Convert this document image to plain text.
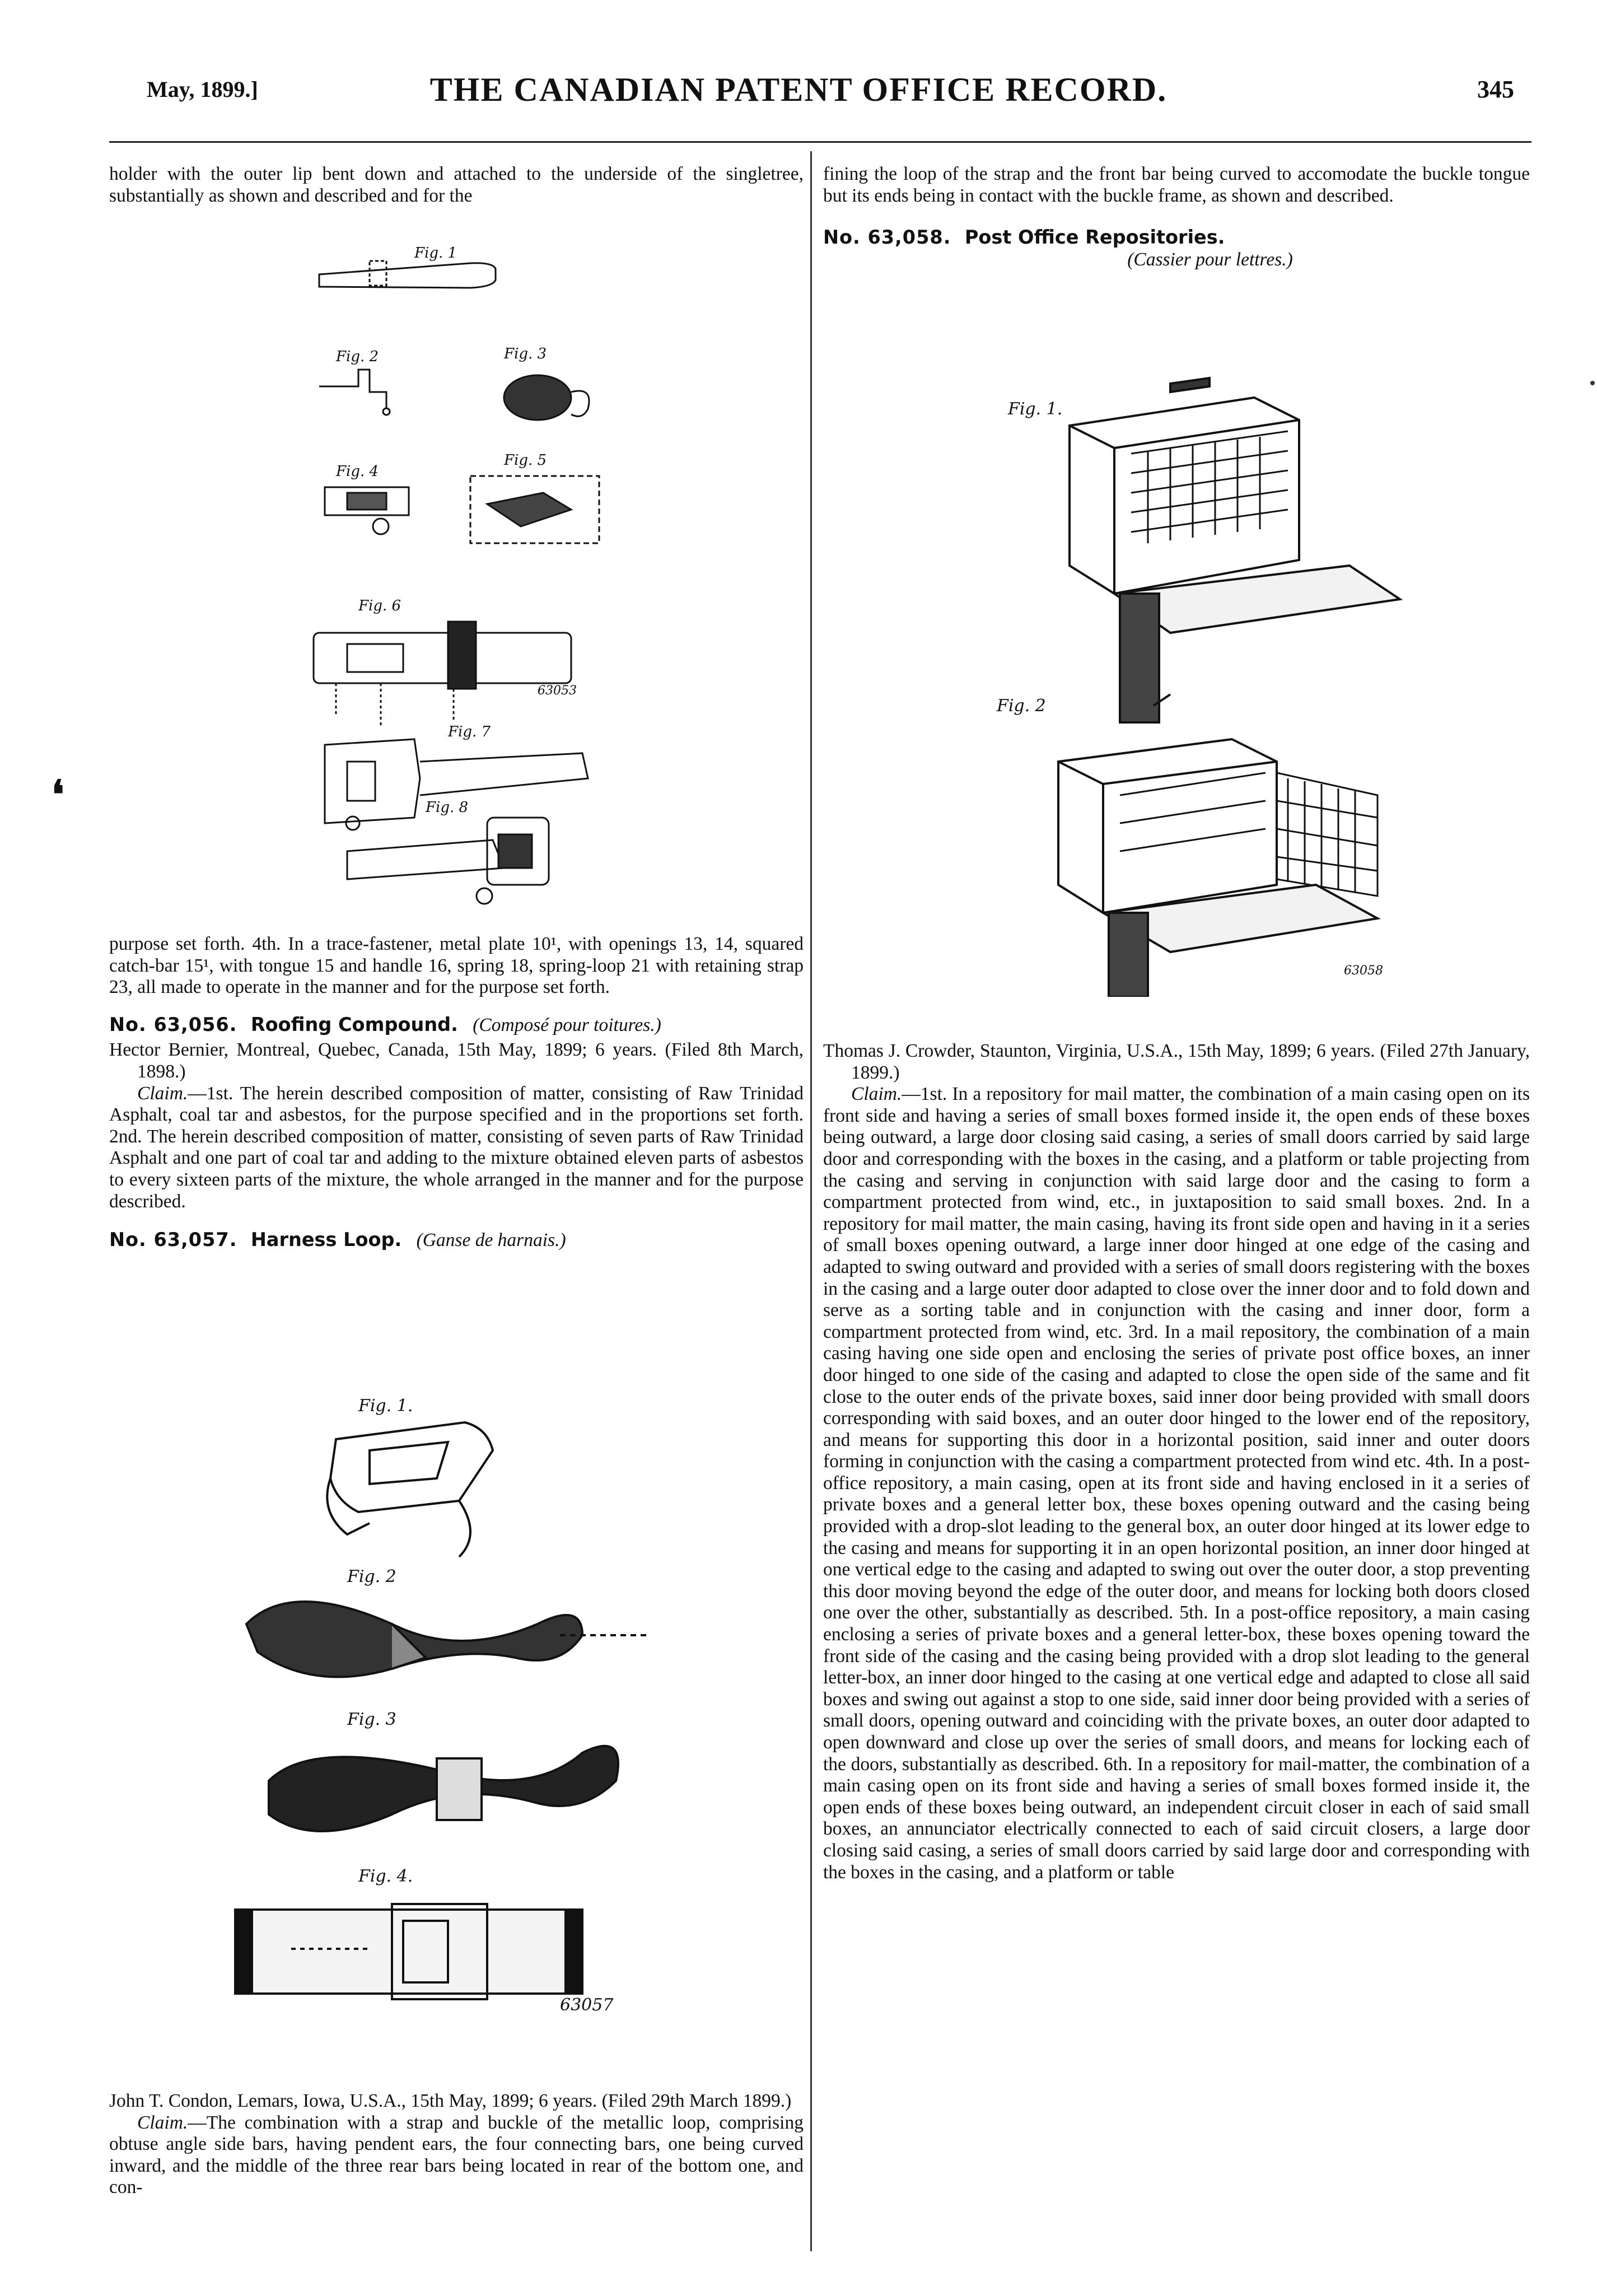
May, 1899.]	THE CANADIAN PATENT OFFICE RECORD.	345
❛

holder with the outer lip bent down and attached to the underside of the singletree, substantially as shown and described and for the

Fig. 1
Fig. 2	Fig. 3
Fig. 4
Fig. 5
Fig. 6
Fig. 7
Fig. 8
63053

purpose set forth. 4th. In a trace-fastener, metal plate 10¹, with openings 13, 14, squared catch-bar 15¹, with tongue 15 and handle 16, spring 18, spring-loop 21 with retaining strap 23, all made to operate in the manner and for the purpose set forth.

No. 63,056. Roofing Compound. (Composé pour toitures.)

Hector Bernier, Montreal, Quebec, Canada, 15th May, 1899; 6 years. (Filed 8th March, 1898.)

Claim.—1st. The herein described composition of matter, consisting of Raw Trinidad Asphalt, coal tar and asbestos, for the purpose specified and in the proportions set forth. 2nd. The herein described composition of matter, consisting of seven parts of Raw Trinidad Asphalt and one part of coal tar and adding to the mixture obtained eleven parts of asbestos to every sixteen parts of the mixture, the whole arranged in the manner and for the purpose described.

No. 63,057. Harness Loop. (Ganse de harnais.)

Fig. 1.
Fig. 2
Fig. 3
Fig. 4.
63057

John T. Condon, Lemars, Iowa, U.S.A., 15th May, 1899; 6 years. (Filed 29th March 1899.)

Claim.—The combination with a strap and buckle of the metallic loop, comprising obtuse angle side bars, having pendent ears, the four connecting bars, one being curved inward, and the middle of the three rear bars being located in rear of the bottom one, and con-

fining the loop of the strap and the front bar being curved to accomodate the buckle tongue but its ends being in contact with the buckle frame, as shown and described.

No. 63,058. Post Office Repositories.

(Cassier pour lettres.)

Fig. 1.
Fig. 2
63058

Thomas J. Crowder, Staunton, Virginia, U.S.A., 15th May, 1899; 6 years. (Filed 27th January, 1899.)

Claim.—1st. In a repository for mail matter, the combination of a main casing open on its front side and having a series of small boxes formed inside it, the open ends of these boxes being outward, a large door closing said casing, a series of small doors carried by said large door and corresponding with the boxes in the casing, and a platform or table projecting from the casing and serving in conjunction with said large door and the casing to form a compartment protected from wind, etc., in juxtaposition to said small boxes. 2nd. In a repository for mail matter, the main casing, having its front side open and having in it a series of small boxes opening outward, a large inner door hinged at one edge of the casing and adapted to swing outward and provided with a series of small doors registering with the boxes in the casing and a large outer door adapted to close over the inner door and to fold down and serve as a sorting table and in conjunction with the casing and inner door, form a compartment protected from wind, etc. 3rd. In a mail repository, the combination of a main casing having one side open and enclosing the series of private post office boxes, an inner door hinged to one side of the casing and adapted to close the open side of the same and fit close to the outer ends of the private boxes, said inner door being provided with small doors corresponding with said boxes, and an outer door hinged to the lower end of the repository, and means for supporting this door in a horizontal position, said inner and outer doors forming in conjunction with the casing a compartment protected from wind etc. 4th. In a post-office repository, a main casing, open at its front side and having enclosed in it a series of private boxes and a general letter box, these boxes opening outward and the casing being provided with a drop-slot leading to the general box, an outer door hinged at its lower edge to the casing and means for supporting it in an open horizontal position, an inner door hinged at one vertical edge to the casing and adapted to swing out over the outer door, a stop preventing this door moving beyond the edge of the outer door, and means for locking both doors closed one over the other, substantially as described. 5th. In a post-office repository, a main casing enclosing a series of private boxes and a general letter-box, these boxes opening toward the front side of the casing and the casing being provided with a drop slot leading to the general letter-box, an inner door hinged to the casing at one vertical edge and adapted to close all said boxes and swing out against a stop to one side, said inner door being provided with a series of small doors, opening outward and coinciding with the private boxes, an outer door adapted to open downward and close up over the series of small doors, and means for locking each of the doors, substantially as described. 6th. In a repository for mail-matter, the combination of a main casing open on its front side and having a series of small boxes formed inside it, the open ends of these boxes being outward, an independent circuit closer in each of said small boxes, an annunciator electrically connected to each of said circuit closers, a large door closing said casing, a series of small doors carried by said large door and corresponding with the boxes in the casing, and a platform or table
